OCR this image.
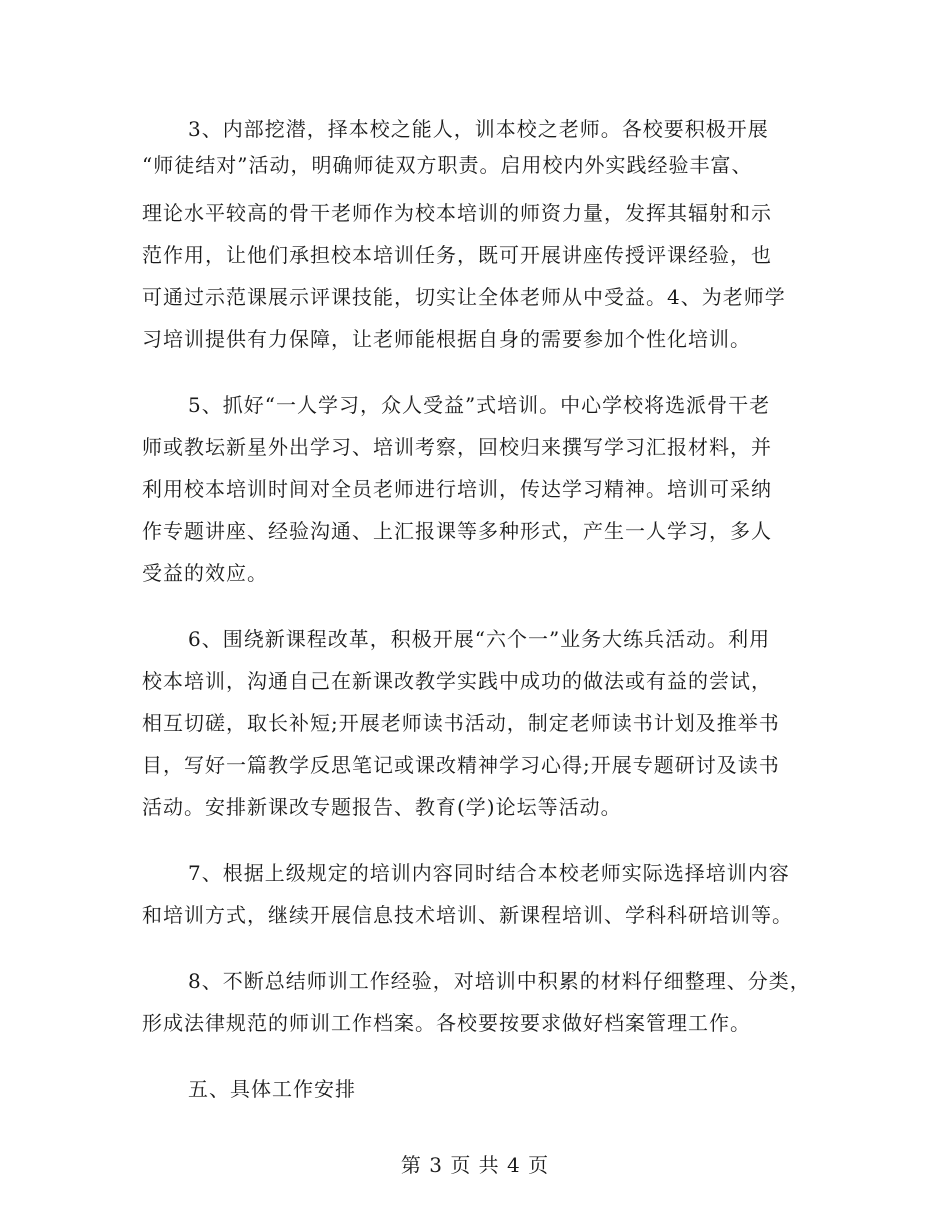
3、内部挖潜，择本校之能人，训本校之老师。各校要积极开展
“师徒结对”活动，明确师徒双方职责。启用校内外实践经验丰富、
理论水平较高的骨干老师作为校本培训的师资力量，发挥其辐射和示
范作用，让他们承担校本培训任务，既可开展讲座传授评课经验，也
可通过示范课展示评课技能，切实让全体老师从中受益。4、为老师学
习培训提供有力保障，让老师能根据自身的需要参加个性化培训。
5、抓好“一人学习，众人受益”式培训。中心学校将选派骨干老
师或教坛新星外出学习、培训考察，回校归来撰写学习汇报材料，并
利用校本培训时间对全员老师进行培训，传达学习精神。培训可采纳
作专题讲座、经验沟通、上汇报课等多种形式，产生一人学习，多人
受益的效应。
6、围绕新课程改革，积极开展“六个一”业务大练兵活动。利用
校本培训，沟通自己在新课改教学实践中成功的做法或有益的尝试，
相互切磋，取长补短;开展老师读书活动，制定老师读书计划及推举书
目，写好一篇教学反思笔记或课改精神学习心得;开展专题研讨及读书
活动。安排新课改专题报告、教育(学)论坛等活动。
7、根据上级规定的培训内容同时结合本校老师实际选择培训内容
和培训方式，继续开展信息技术培训、新课程培训、学科科研培训等。
8、不断总结师训工作经验，对培训中积累的材料仔细整理、分类，
形成法律规范的师训工作档案。各校要按要求做好档案管理工作。
五、具体工作安排
第 3 页 共 4 页
